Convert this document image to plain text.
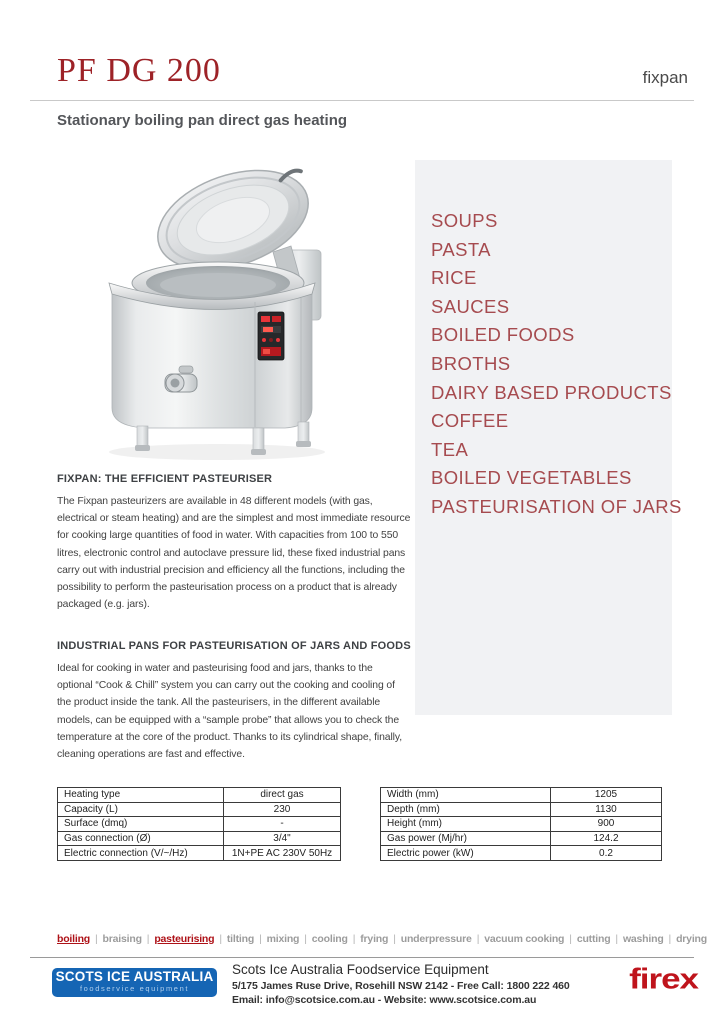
PF DG 200	fixpan
Stationary boiling pan direct gas heating
SOUPS
PASTA
RICE
SAUCES
BOILED FOODS
BROTHS
DAIRY BASED PRODUCTS
COFFEE
TEA
BOILED VEGETABLES
PASTEURISATION OF JARS
FIXPAN: THE EFFICIENT PASTEURISER

The Fixpan pasteurizers are available in 48 different models (with gas, electrical or steam heating) and are the simplest and most immediate resource for cooking large quantities of food in water. With capacities from 100 to 550 litres, electronic control and autoclave pressure lid, these fixed industrial pans carry out with industrial precision and efficiency all the functions, including the possibility to perform the pasteurisation process on a product that is already packaged (e.g. jars).

INDUSTRIAL PANS FOR PASTEURISATION OF JARS AND FOODS

Ideal for cooking in water and pasteurising food and jars, thanks to the optional “Cook & Chill” system you can carry out the cooking and cooling of the product inside the tank. All the pasteurisers, in the different available models, can be equipped with a “sample probe” that allows you to check the temperature at the core of the product. Thanks to its cylindrical shape, finally, cleaning operations are fast and effective.

Heating type	direct gas
Capacity (L)	230
Surface (dmq)	-
Gas connection (Ø)	3/4"
Electric connection (V/~/Hz)	1N+PE AC 230V 50Hz
Width (mm)	1205
Depth (mm)	1130
Height (mm)	900
Gas power (Mj/hr)	124.2
Electric power (kW)	0.2
boiling
| braising
| pasteurising
| tilting
| mixing
| cooling
| frying
| underpressure
| vacuum cooking
| cutting
| washing
| drying
SCOTS ICE AUSTRALIA
foodservice equipment
Scots Ice Australia Foodservice Equipment
5/175 James Ruse Drive, Rosehill NSW 2142 - Free Call: 1800 222 460
Email: info@scotsice.com.au - Website: www.scotsice.com.au
firex
